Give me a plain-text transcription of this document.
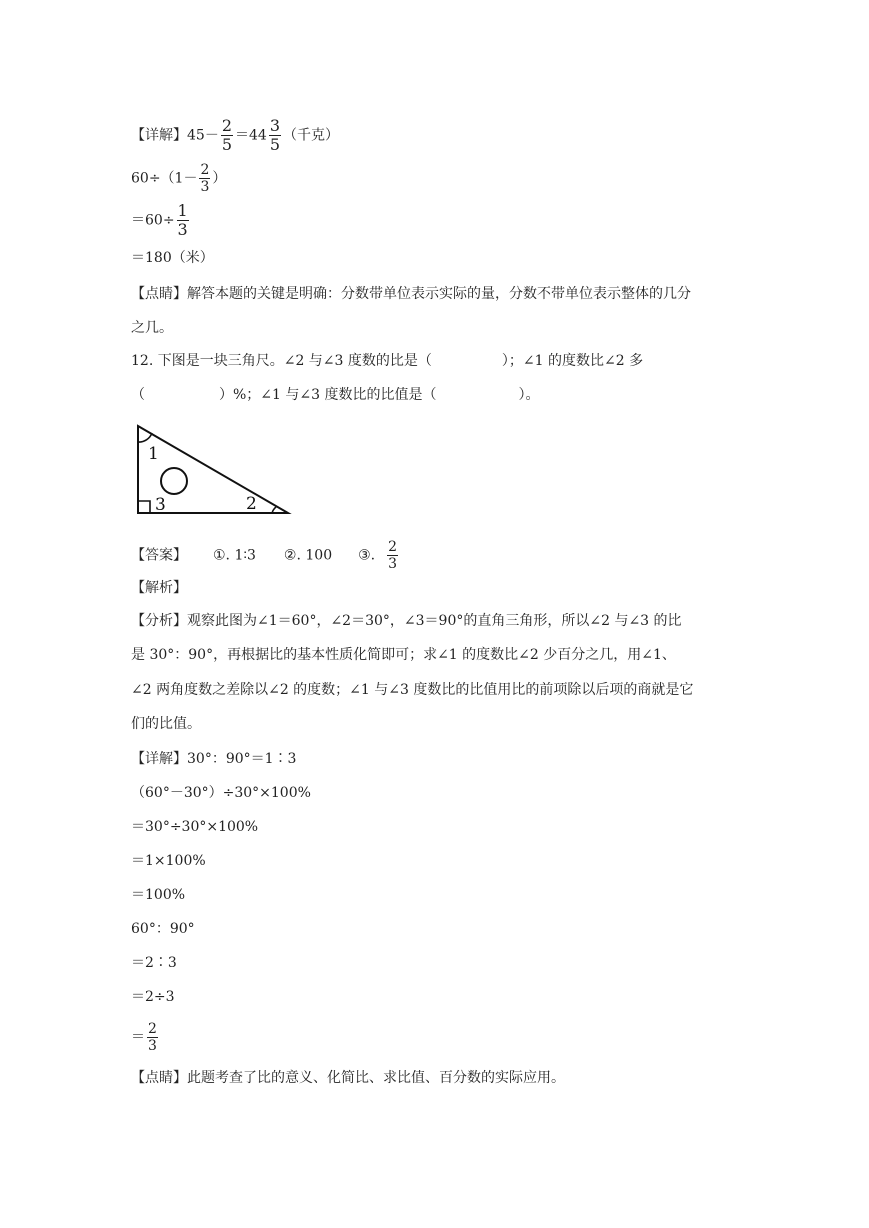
【详解】$45- \frac{2}{5} =44 \frac{3}{5}$ （千克）
$60\div(1- \frac{2}{3}$ ）
$=60\div \frac{1}{3}$
＝180（米）
【点睛】解答本题的关键是明确：分数带单位表示实际的量，分数不带单位表示整体的几分
之几。
12. 下图是一块三角尺。∠2 与∠3 度数的比是（	）；∠1 的度数比∠2 多
（	）%；∠1 与∠3 度数比的比值是（	）。
1
2
3
【答案】 ①. 1∶3 ②. 100 ③. $\frac{2}{3}$
【解析】
【分析】观察此图为∠1＝60°，∠2＝30°，∠3＝90°的直角三角形，所以∠2 与∠3 的比
是 30°：90°，再根据比的基本性质化简即可；求∠1 的度数比∠2 少百分之几，用∠1、
∠2 两角度数之差除以∠2 的度数；∠1 与∠3 度数比的比值用比的前项除以后项的商就是它
们的比值。
【详解】30°：90°＝1∶3
（60°－30°）÷30°×100%
＝30°÷30°×100%
＝1×100%
＝100%
60°：90°
＝2∶3
＝2÷3
＝ $\frac{2}{3}$
【点睛】此题考查了比的意义、化简比、求比值、百分数的实际应用。
